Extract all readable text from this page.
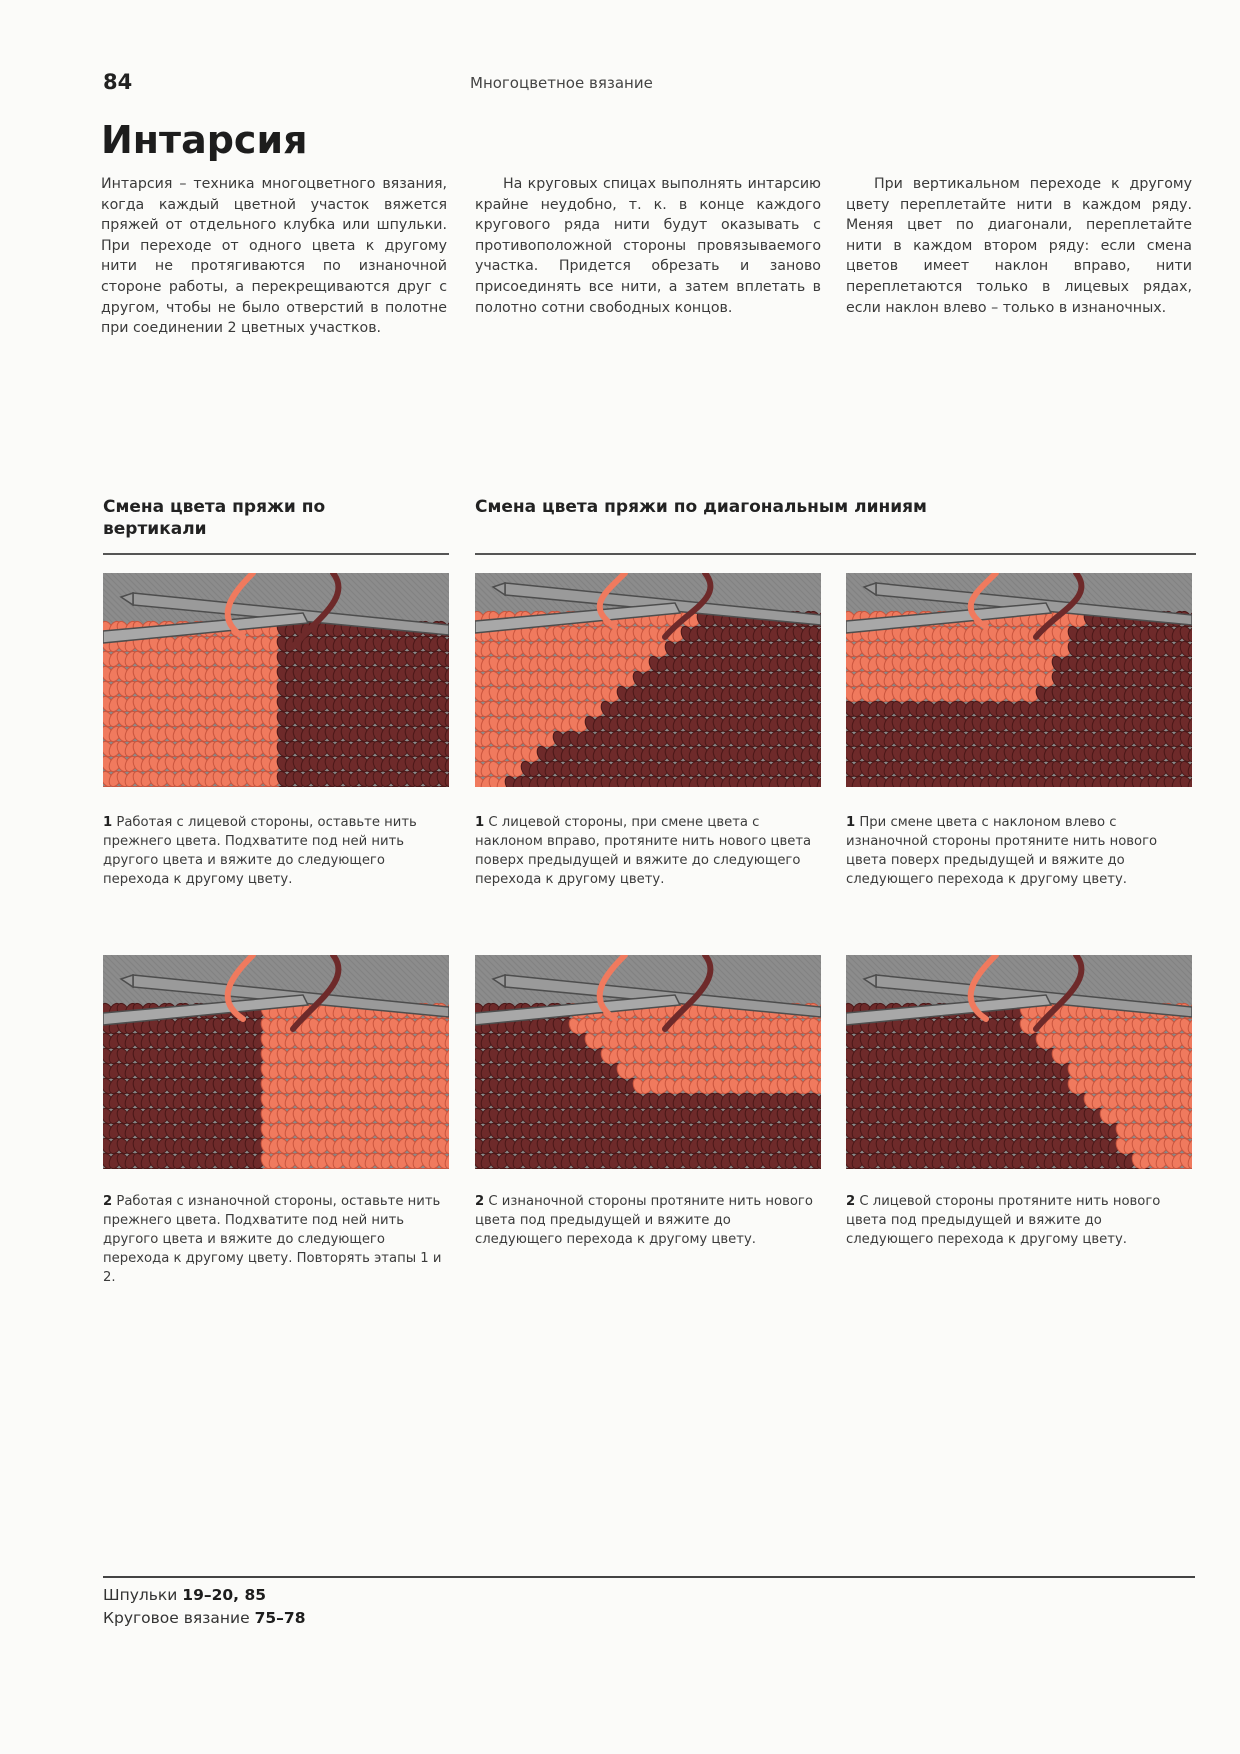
84	Многоцветное вязание
Интарсия

Интарсия – техника многоцветного вязания, когда каждый цветной участок вяжется пряжей от отдельного клубка или шпульки. При переходе от одного цвета к другому нити не протягиваются по изнаночной стороне работы, а перекрещиваются друг с другом, чтобы не было отверстий в полотне при соединении 2 цветных участков.

На круговых спицах выполнять интарсию крайне неудобно, т. к. в конце каждого кругового ряда нити будут оказывать с противоположной стороны провязываемого участка. Придется обрезать и заново присоединять все нити, а затем вплетать в полотно сотни свободных концов.

При вертикальном переходе к другому цвету переплетайте нити в каждом ряду. Меняя цвет по диагонали, переплетайте нити в каждом втором ряду: если смена цветов имеет наклон вправо, нити переплетаются только в лицевых рядах, если наклон влево – только в изнаночных.

Смена цвета пряжи по вертикали
Смена цвета пряжи по диагональным линиям

1 Работая с лицевой стороны, оставьте нить прежнего цвета. Подхватите под ней нить другого цвета и вяжите до следующего перехода к другому цвету.

1 С лицевой стороны, при смене цвета с наклоном вправо, протяните нить нового цвета поверх предыдущей и вяжите до следующего перехода к другому цвету.

1 При смене цвета с наклоном влево с изнаночной стороны протяните нить нового цвета поверх предыдущей и вяжите до следующего перехода к другому цвету.

2 Работая с изнаночной стороны, оставьте нить прежнего цвета. Подхватите под ней нить другого цвета и вяжите до следующего перехода к другому цвету. Повторять этапы 1 и 2.

2 С изнаночной стороны протяните нить нового цвета под предыдущей и вяжите до следующего перехода к другому цвету.

2 С лицевой стороны протяните нить нового цвета под предыдущей и вяжите до следующего перехода к другому цвету.

Шпульки 19–20, 85
Круговое вязание 75–78
